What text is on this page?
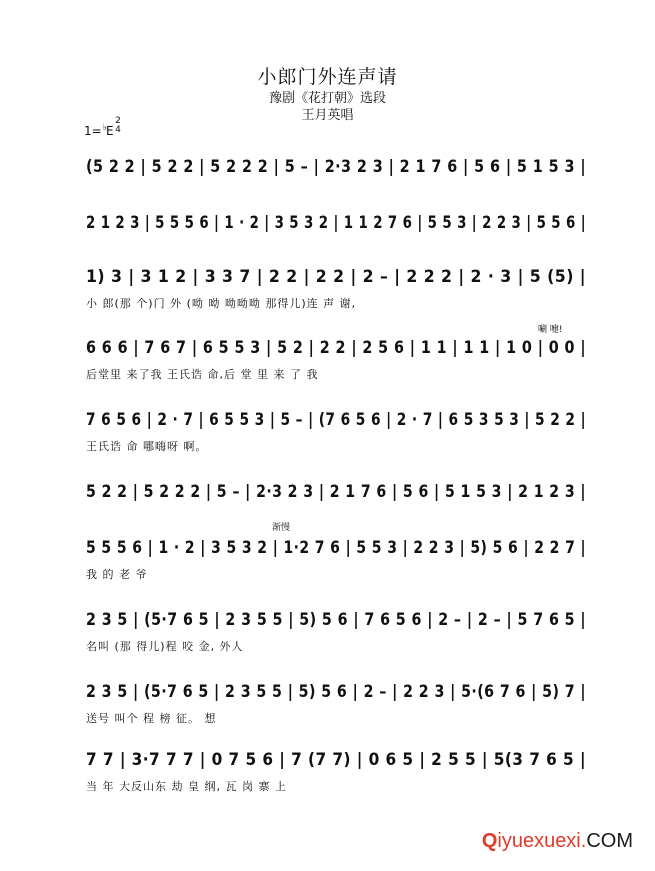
小郎门外连声请
豫剧《花打朝》选段
王月英唱
1=♭E
2
4
(5 2 2 | 5 2 2 | 5 2 2 2 | 5 – | 2·3 2 3 | 2 1 7 6 | 5 6 | 5 1 5 3 |
2 1 2 3 | 5 5 5 6 | 1 · 2 | 3 5 3 2 | 1 1 2 7 6 | 5 5 3 | 2 2 3 | 5 5 6 |
1) 3 | 3 1 2 | 3 3 7 | 2 2 | 2 2 | 2 – | 2 2 2 | 2 · 3 | 5 (5) |
小 郎(那 个)门 外 (呦 呦 呦呦呦 那得儿)连 声 谢,
6 6 6 | 7 6 7 | 6 5 5 3 | 5 2 | 2 2 | 2 5 6 | 1 1 | 1 1 | 1 0 | 0 0 |
后堂里 来了我 王氏诰 命,后 堂 里 来 了 我
7 6 5 6 | 2 · 7 | 6 5 5 3 | 5 – | (7 6 5 6 | 2 · 7 | 6 5 3 5 3 | 5 2 2 |
王氏诰 命 哪嗨呀 啊。
5 2 2 | 5 2 2 2 | 5 – | 2·3 2 3 | 2 1 7 6 | 5 6 | 5 1 5 3 | 2 1 2 3 |
5 5 5 6 | 1 · 2 | 3 5 3 2 | 1·2 7 6 | 5 5 3 | 2 2 3 | 5) 5 6 | 2 2 7 |
我 的 老 爷
2 3 5 | (5·7 6 5 | 2 3 5 5 | 5) 5 6 | 7 6 5 6 | 2 – | 2 – | 5 7 6 5 |
名叫 (那 得儿)程 咬 金, 外人
2 3 5 | (5·7 6 5 | 2 3 5 5 | 5) 5 6 | 2 – | 2 2 3 | 5·(6 7 6 | 5) 7 |
送号 叫个 程 榜 征。 想
7 7 | 3·7 7 7 | 0 7 5 6 | 7 (7 7) | 0 6 5 | 2 5 5 | 5(3 7 6 5 |
当 年 大反山东 劫 皇 纲, 瓦 岗 寨 上
唰 嚏!
渐慢
Qiyuexuexi.COM
